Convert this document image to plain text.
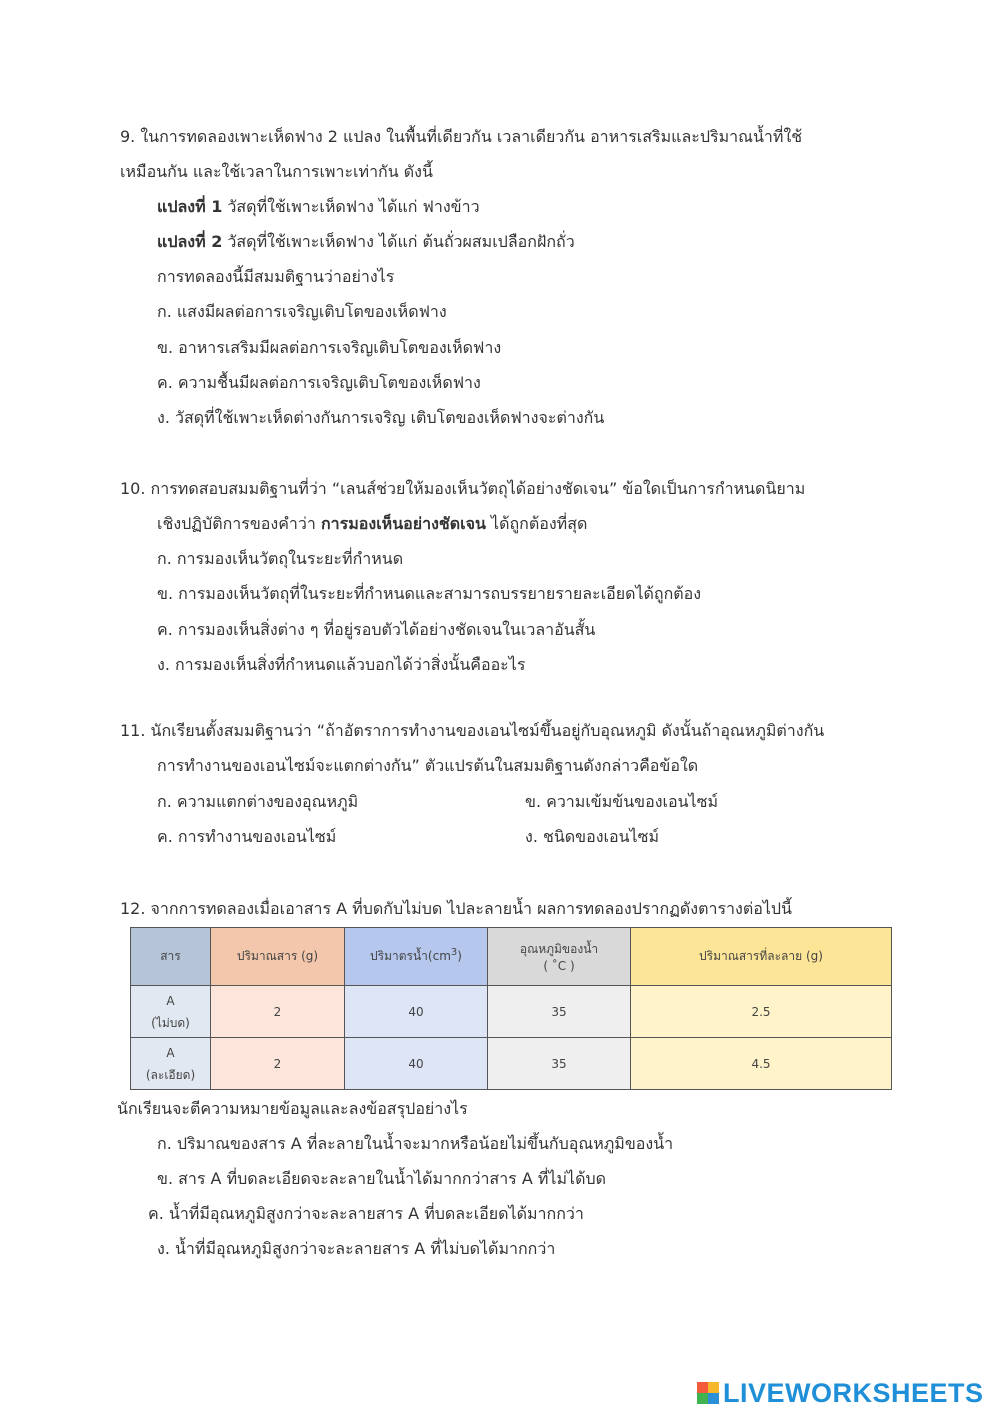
9. ในการทดลองเพาะเห็ดฟาง 2 แปลง ในพื้นที่เดียวกัน เวลาเดียวกัน อาหารเสริมและปริมาณน้ำที่ใช้
เหมือนกัน และใช้เวลาในการเพาะเท่ากัน ดังนี้
แปลงที่ 1 วัสดุที่ใช้เพาะเห็ดฟาง ได้แก่ ฟางข้าว
แปลงที่ 2 วัสดุที่ใช้เพาะเห็ดฟาง ได้แก่ ต้นถั่วผสมเปลือกฝักถั่ว
การทดลองนี้มีสมมติฐานว่าอย่างไร
ก. แสงมีผลต่อการเจริญเติบโตของเห็ดฟาง
ข. อาหารเสริมมีผลต่อการเจริญเติบโตของเห็ดฟาง
ค. ความชื้นมีผลต่อการเจริญเติบโตของเห็ดฟาง
ง. วัสดุที่ใช้เพาะเห็ดต่างกันการเจริญ เติบโตของเห็ดฟางจะต่างกัน
10. การทดสอบสมมติฐานที่ว่า “เลนส์ช่วยให้มองเห็นวัตถุได้อย่างชัดเจน” ข้อใดเป็นการกำหนดนิยาม
เชิงปฏิบัติการของคำว่า การมองเห็นอย่างชัดเจน ได้ถูกต้องที่สุด
ก. การมองเห็นวัตถุในระยะที่กำหนด
ข. การมองเห็นวัตถุที่ในระยะที่กำหนดและสามารถบรรยายรายละเอียดได้ถูกต้อง
ค. การมองเห็นสิ่งต่าง ๆ ที่อยู่รอบตัวได้อย่างชัดเจนในเวลาอันสั้น
ง. การมองเห็นสิ่งที่กำหนดแล้วบอกได้ว่าสิ่งนั้นคืออะไร
11. นักเรียนตั้งสมมติฐานว่า “ถ้าอัตราการทำงานของเอนไซม์ขึ้นอยู่กับอุณหภูมิ ดังนั้นถ้าอุณหภูมิต่างกัน
การทำงานของเอนไซม์จะแตกต่างกัน” ตัวแปรต้นในสมมติฐานดังกล่าวคือข้อใด
ก. ความแตกต่างของอุณหภูมิ	ข. ความเข้มข้นของเอนไซม์
ค. การทำงานของเอนไซม์	ง. ชนิดของเอนไซม์
12. จากการทดลองเมื่อเอาสาร A ที่บดกับไม่บด ไปละลายน้ำ ผลการทดลองปรากฏดังตารางต่อไปนี้
สาร	ปริมาณสาร (g)	ปริมาตรน้ำ$(cm^3)$	อุณหภูมิของน้ำ
( ˚C )	ปริมาณสารที่ละลาย (g)

A
(ไม่บด)	2	40	35	2.5

A
(ละเอียด)	2	40	35	4.5
นักเรียนจะตีความหมายข้อมูลและลงข้อสรุปอย่างไร
ก. ปริมาณของสาร A ที่ละลายในน้ำจะมากหรือน้อยไม่ขึ้นกับอุณหภูมิของน้ำ
ข. สาร A ที่บดละเอียดจะละลายในน้ำได้มากกว่าสาร A ที่ไม่ได้บด
ค. น้ำที่มีอุณหภูมิสูงกว่าจะละลายสาร A ที่บดละเอียดได้มากกว่า
ง. น้ำที่มีอุณหภูมิสูงกว่าจะละลายสาร A ที่ไม่บดได้มากกว่า
LIVEWORKSHEETS
